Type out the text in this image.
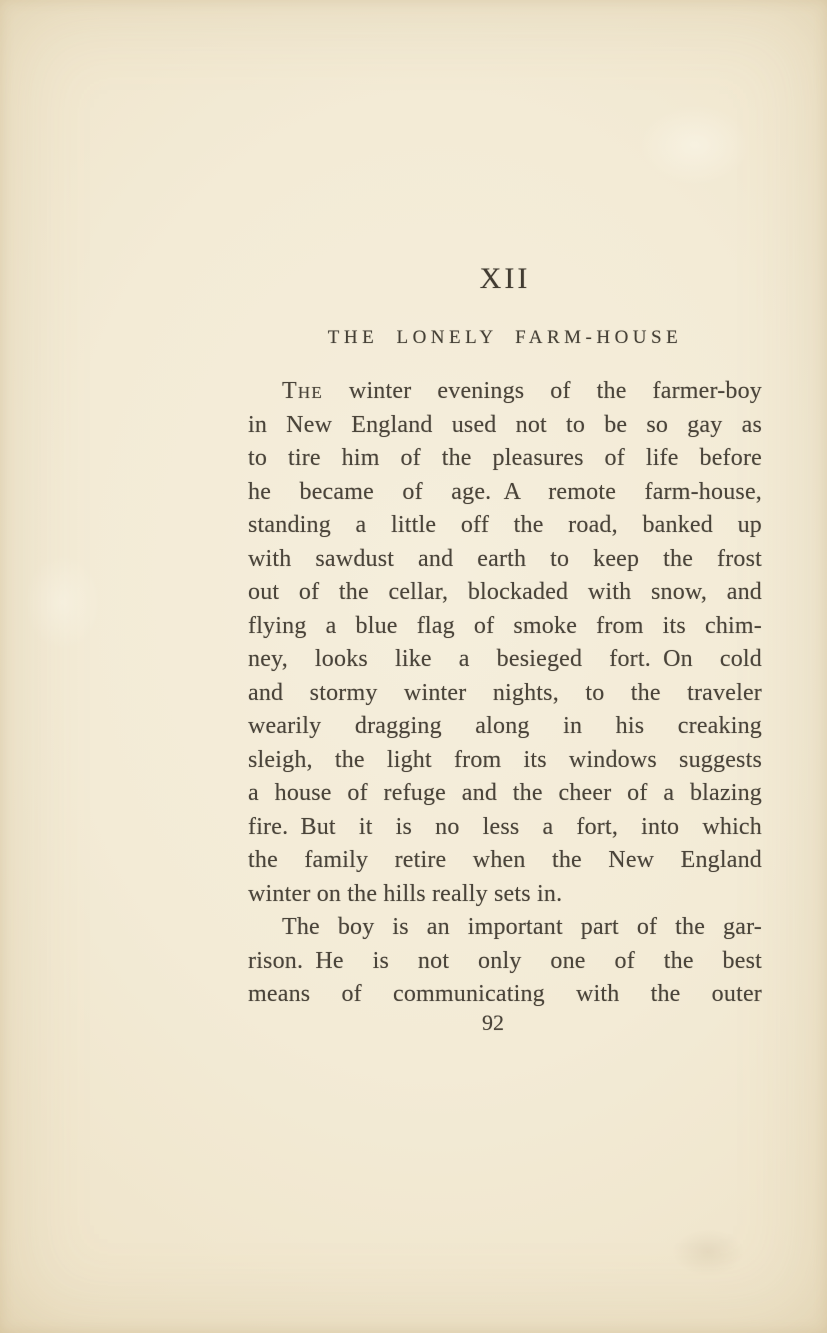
XII
THE LONELY FARM-HOUSE
The winter evenings of the farmer-boy
in New England used not to be so gay as
to tire him of the pleasures of life before
he became of age. A remote farm-house,
standing a little off the road, banked up
with sawdust and earth to keep the frost
out of the cellar, blockaded with snow, and
flying a blue flag of smoke from its chim-
ney, looks like a besieged fort. On cold
and stormy winter nights, to the traveler
wearily dragging along in his creaking
sleigh, the light from its windows suggests
a house of refuge and the cheer of a blazing
fire. But it is no less a fort, into which
the family retire when the New England
winter on the hills really sets in.
The boy is an important part of the gar-
rison. He is not only one of the best
means of communicating with the outer
92
